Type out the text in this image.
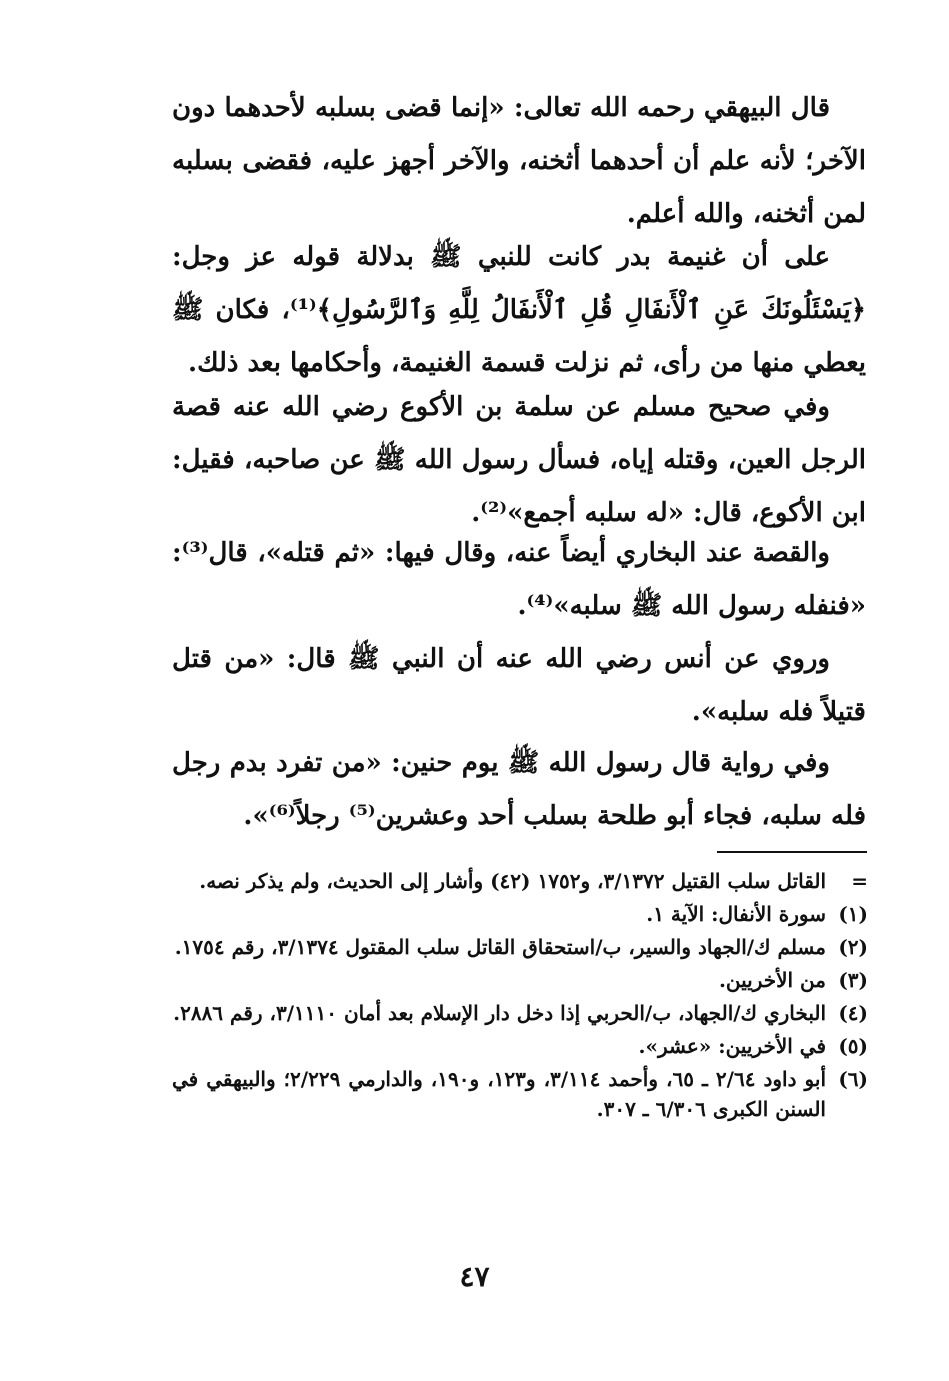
قال البيهقي رحمه الله تعالى: «إنما قضى بسلبه لأحدهما دون الآخر؛ لأنه علم أن أحدهما أثخنه، والآخر أجهز عليه، فقضى بسلبه لمن أثخنه، والله أعلم.

على أن غنيمة بدر كانت للنبي ﷺ بدلالة قوله عز وجل: ﴿يَسْئَلُونَكَ عَنِ ٱلْأَنفَالِ قُلِ ٱلْأَنفَالُ لِلَّهِ وَٱلرَّسُولِ﴾⁽¹⁾، فكان ﷺ يعطي منها من رأى، ثم نزلت قسمة الغنيمة، وأحكامها بعد ذلك.

وفي صحيح مسلم عن سلمة بن الأكوع رضي الله عنه قصة الرجل العين، وقتله إياه، فسأل رسول الله ﷺ عن صاحبه، فقيل: ابن الأكوع، قال: «له سلبه أجمع»⁽²⁾.

والقصة عند البخاري أيضاً عنه، وقال فيها: «ثم قتله»، قال⁽³⁾: «فنفله رسول الله ﷺ سلبه»⁽⁴⁾.

وروي عن أنس رضي الله عنه أن النبي ﷺ قال: «من قتل قتيلاً فله سلبه».

وفي رواية قال رسول الله ﷺ يوم حنين: «من تفرد بدم رجل فله سلبه، فجاء أبو طلحة بسلب أحد وعشرين⁽⁵⁾ رجلاً⁽⁶⁾».

=
القاتل سلب القتيل ٣/١٣٧٢، و١٧٥٢ (٤٢) وأشار إلى الحديث، ولم يذكر نصه.
(١)
سورة الأنفال: الآية ١.
(٢)
مسلم ك/الجهاد والسير، ب/استحقاق القاتل سلب المقتول ٣/١٣٧٤، رقم ١٧٥٤.
(٣)
من الأخريين.
(٤)
البخاري ك/الجهاد، ب/الحربي إذا دخل دار الإسلام بعد أمان ٣/١١١٠، رقم ٢٨٨٦.
(٥)
في الأخريين: «عشر».
(٦)
أبو داود ٢/٦٤ ـ ٦٥، وأحمد ٣/١١٤، و١٢٣، و١٩٠، والدارمي ٢/٢٢٩؛ والبيهقي في السنن الكبرى ٦/٣٠٦ ـ ٣٠٧.
٤٧
